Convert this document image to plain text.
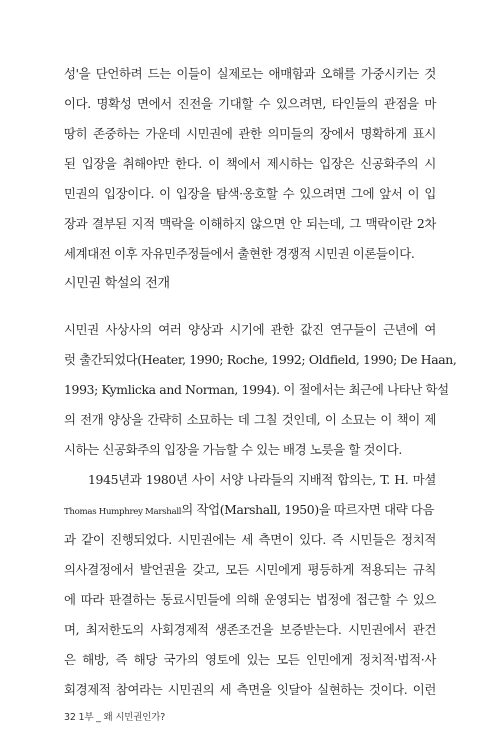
성'을 단언하려 드는 이들이 실제로는 애매함과 오해를 가중시키는 것
이다. 명확성 면에서 진전을 기대할 수 있으려면, 타인들의 관점을 마
땅히 존중하는 가운데 시민권에 관한 의미들의 장에서 명확하게 표시
된 입장을 취해야만 한다. 이 책에서 제시하는 입장은 신공화주의 시
민권의 입장이다. 이 입장을 탐색·옹호할 수 있으려면 그에 앞서 이 입
장과 결부된 지적 맥락을 이해하지 않으면 안 되는데, 그 맥락이란 2차
세계대전 이후 자유민주정들에서 출현한 경쟁적 시민권 이론들이다.
시민권 학설의 전개
시민권 사상사의 여러 양상과 시기에 관한 값진 연구들이 근년에 여
럿 출간되었다(Heater, 1990; Roche, 1992; Oldfield, 1990; De Haan,
1993; Kymlicka and Norman, 1994). 이 절에서는 최근에 나타난 학설
의 전개 양상을 간략히 소묘하는 데 그칠 것인데, 이 소묘는 이 책이 제
시하는 신공화주의 입장을 가늠할 수 있는 배경 노릇을 할 것이다.
1945년과 1980년 사이 서양 나라들의 지배적 합의는, T. H. 마셜
Thomas Humphrey Marshall의 작업(Marshall, 1950)을 따르자면 대략 다음
과 같이 진행되었다. 시민권에는 세 측면이 있다. 즉 시민들은 정치적
의사결정에서 발언권을 갖고, 모든 시민에게 평등하게 적용되는 규칙
에 따라 판결하는 동료시민들에 의해 운영되는 법정에 접근할 수 있으
며, 최저한도의 사회경제적 생존조건을 보증받는다. 시민권에서 관건
은 해방, 즉 해당 국가의 영토에 있는 모든 인민에게 정치적·법적·사
회경제적 참여라는 시민권의 세 측면을 잇달아 실현하는 것이다. 이런
32 1부 _ 왜 시민권인가?
